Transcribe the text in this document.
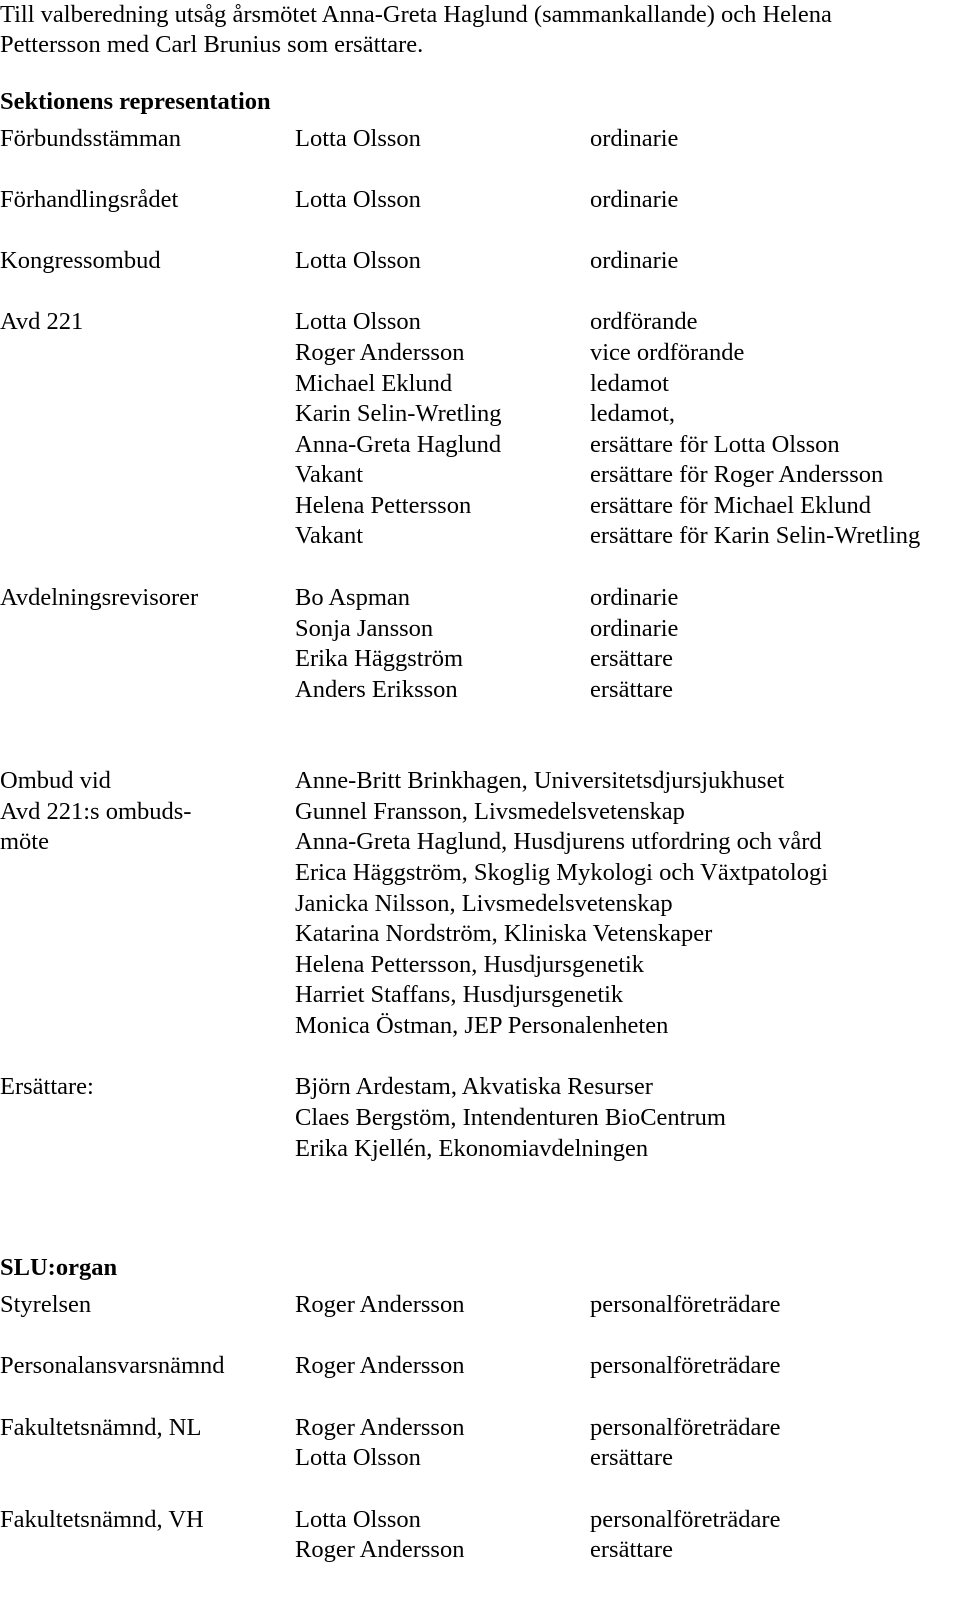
Till valberedning utsåg årsmötet Anna-Greta Haglund (sammankallande) och Helena
Pettersson med Carl Brunius som ersättare.
Sektionens representation
Förbundsstämman	Lotta Olsson	ordinarie
Förhandlingsrådet	Lotta Olsson	ordinarie
Kongressombud	Lotta Olsson	ordinarie
Avd 221	Lotta Olsson	ordförande
Roger Andersson	vice ordförande
Michael Eklund	ledamot
Karin Selin-Wretling	ledamot,
Anna-Greta Haglund	ersättare för Lotta Olsson
Vakant	ersättare för Roger Andersson
Helena Pettersson	ersättare för Michael Eklund
Vakant	ersättare för Karin Selin-Wretling
Avdelningsrevisorer	Bo Aspman	ordinarie
Sonja Jansson	ordinarie
Erika Häggström	ersättare
Anders Eriksson	ersättare
Ombud vid	Anne-Britt Brinkhagen, Universitetsdjursjukhuset
Avd 221:s ombuds-	Gunnel Fransson, Livsmedelsvetenskap
möte	Anna-Greta Haglund, Husdjurens utfordring och vård
Erica Häggström, Skoglig Mykologi och Växtpatologi
Janicka Nilsson, Livsmedelsvetenskap
Katarina Nordström, Kliniska Vetenskaper
Helena Pettersson, Husdjursgenetik
Harriet Staffans, Husdjursgenetik
Monica Östman, JEP Personalenheten
Ersättare:	Björn Ardestam, Akvatiska Resurser
Claes Bergstöm, Intendenturen BioCentrum
Erika Kjellén, Ekonomiavdelningen
SLU:organ
Styrelsen	Roger Andersson	personalföreträdare
Personalansvarsnämnd	Roger Andersson	personalföreträdare
Fakultetsnämnd, NL	Roger Andersson	personalföreträdare
Lotta Olsson	ersättare
Fakultetsnämnd, VH	Lotta Olsson	personalföreträdare
Roger Andersson	ersättare
